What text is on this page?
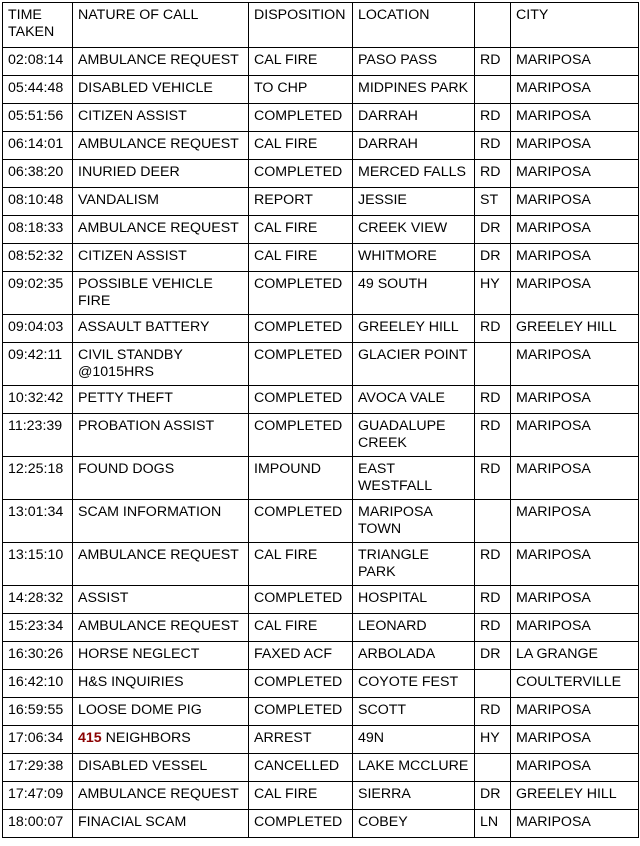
TIME TAKEN	NATURE OF CALL	DISPOSITION	LOCATION		CITY
02:08:14	AMBULANCE REQUEST	CAL FIRE	PASO PASS	RD	MARIPOSA
05:44:48	DISABLED VEHICLE	TO CHP	MIDPINES PARK		MARIPOSA
05:51:56	CITIZEN ASSIST	COMPLETED	DARRAH	RD	MARIPOSA
06:14:01	AMBULANCE REQUEST	CAL FIRE	DARRAH	RD	MARIPOSA
06:38:20	INURIED DEER	COMPLETED	MERCED FALLS	RD	MARIPOSA
08:10:48	VANDALISM	REPORT	JESSIE	ST	MARIPOSA
08:18:33	AMBULANCE REQUEST	CAL FIRE	CREEK VIEW	DR	MARIPOSA
08:52:32	CITIZEN ASSIST	CAL FIRE	WHITMORE	DR	MARIPOSA
09:02:35	POSSIBLE VEHICLE FIRE	COMPLETED	49 SOUTH	HY	MARIPOSA
09:04:03	ASSAULT BATTERY	COMPLETED	GREELEY HILL	RD	GREELEY HILL
09:42:11	CIVIL STANDBY @1015HRS	COMPLETED	GLACIER POINT		MARIPOSA
10:32:42	PETTY THEFT	COMPLETED	AVOCA VALE	RD	MARIPOSA
11:23:39	PROBATION ASSIST	COMPLETED	GUADALUPE CREEK	RD	MARIPOSA
12:25:18	FOUND DOGS	IMPOUND	EAST WESTFALL	RD	MARIPOSA
13:01:34	SCAM INFORMATION	COMPLETED	MARIPOSA TOWN		MARIPOSA
13:15:10	AMBULANCE REQUEST	CAL FIRE	TRIANGLE PARK	RD	MARIPOSA
14:28:32	ASSIST	COMPLETED	HOSPITAL	RD	MARIPOSA
15:23:34	AMBULANCE REQUEST	CAL FIRE	LEONARD	RD	MARIPOSA
16:30:26	HORSE NEGLECT	FAXED ACF	ARBOLADA	DR	LA GRANGE
16:42:10	H&S INQUIRIES	COMPLETED	COYOTE FEST		COULTERVILLE
16:59:55	LOOSE DOME PIG	COMPLETED	SCOTT	RD	MARIPOSA
17:06:34	415 NEIGHBORS	ARREST	49N	HY	MARIPOSA
17:29:38	DISABLED VESSEL	CANCELLED	LAKE MCCLURE		MARIPOSA
17:47:09	AMBULANCE REQUEST	CAL FIRE	SIERRA	DR	GREELEY HILL
18:00:07	FINACIAL SCAM	COMPLETED	COBEY	LN	MARIPOSA
